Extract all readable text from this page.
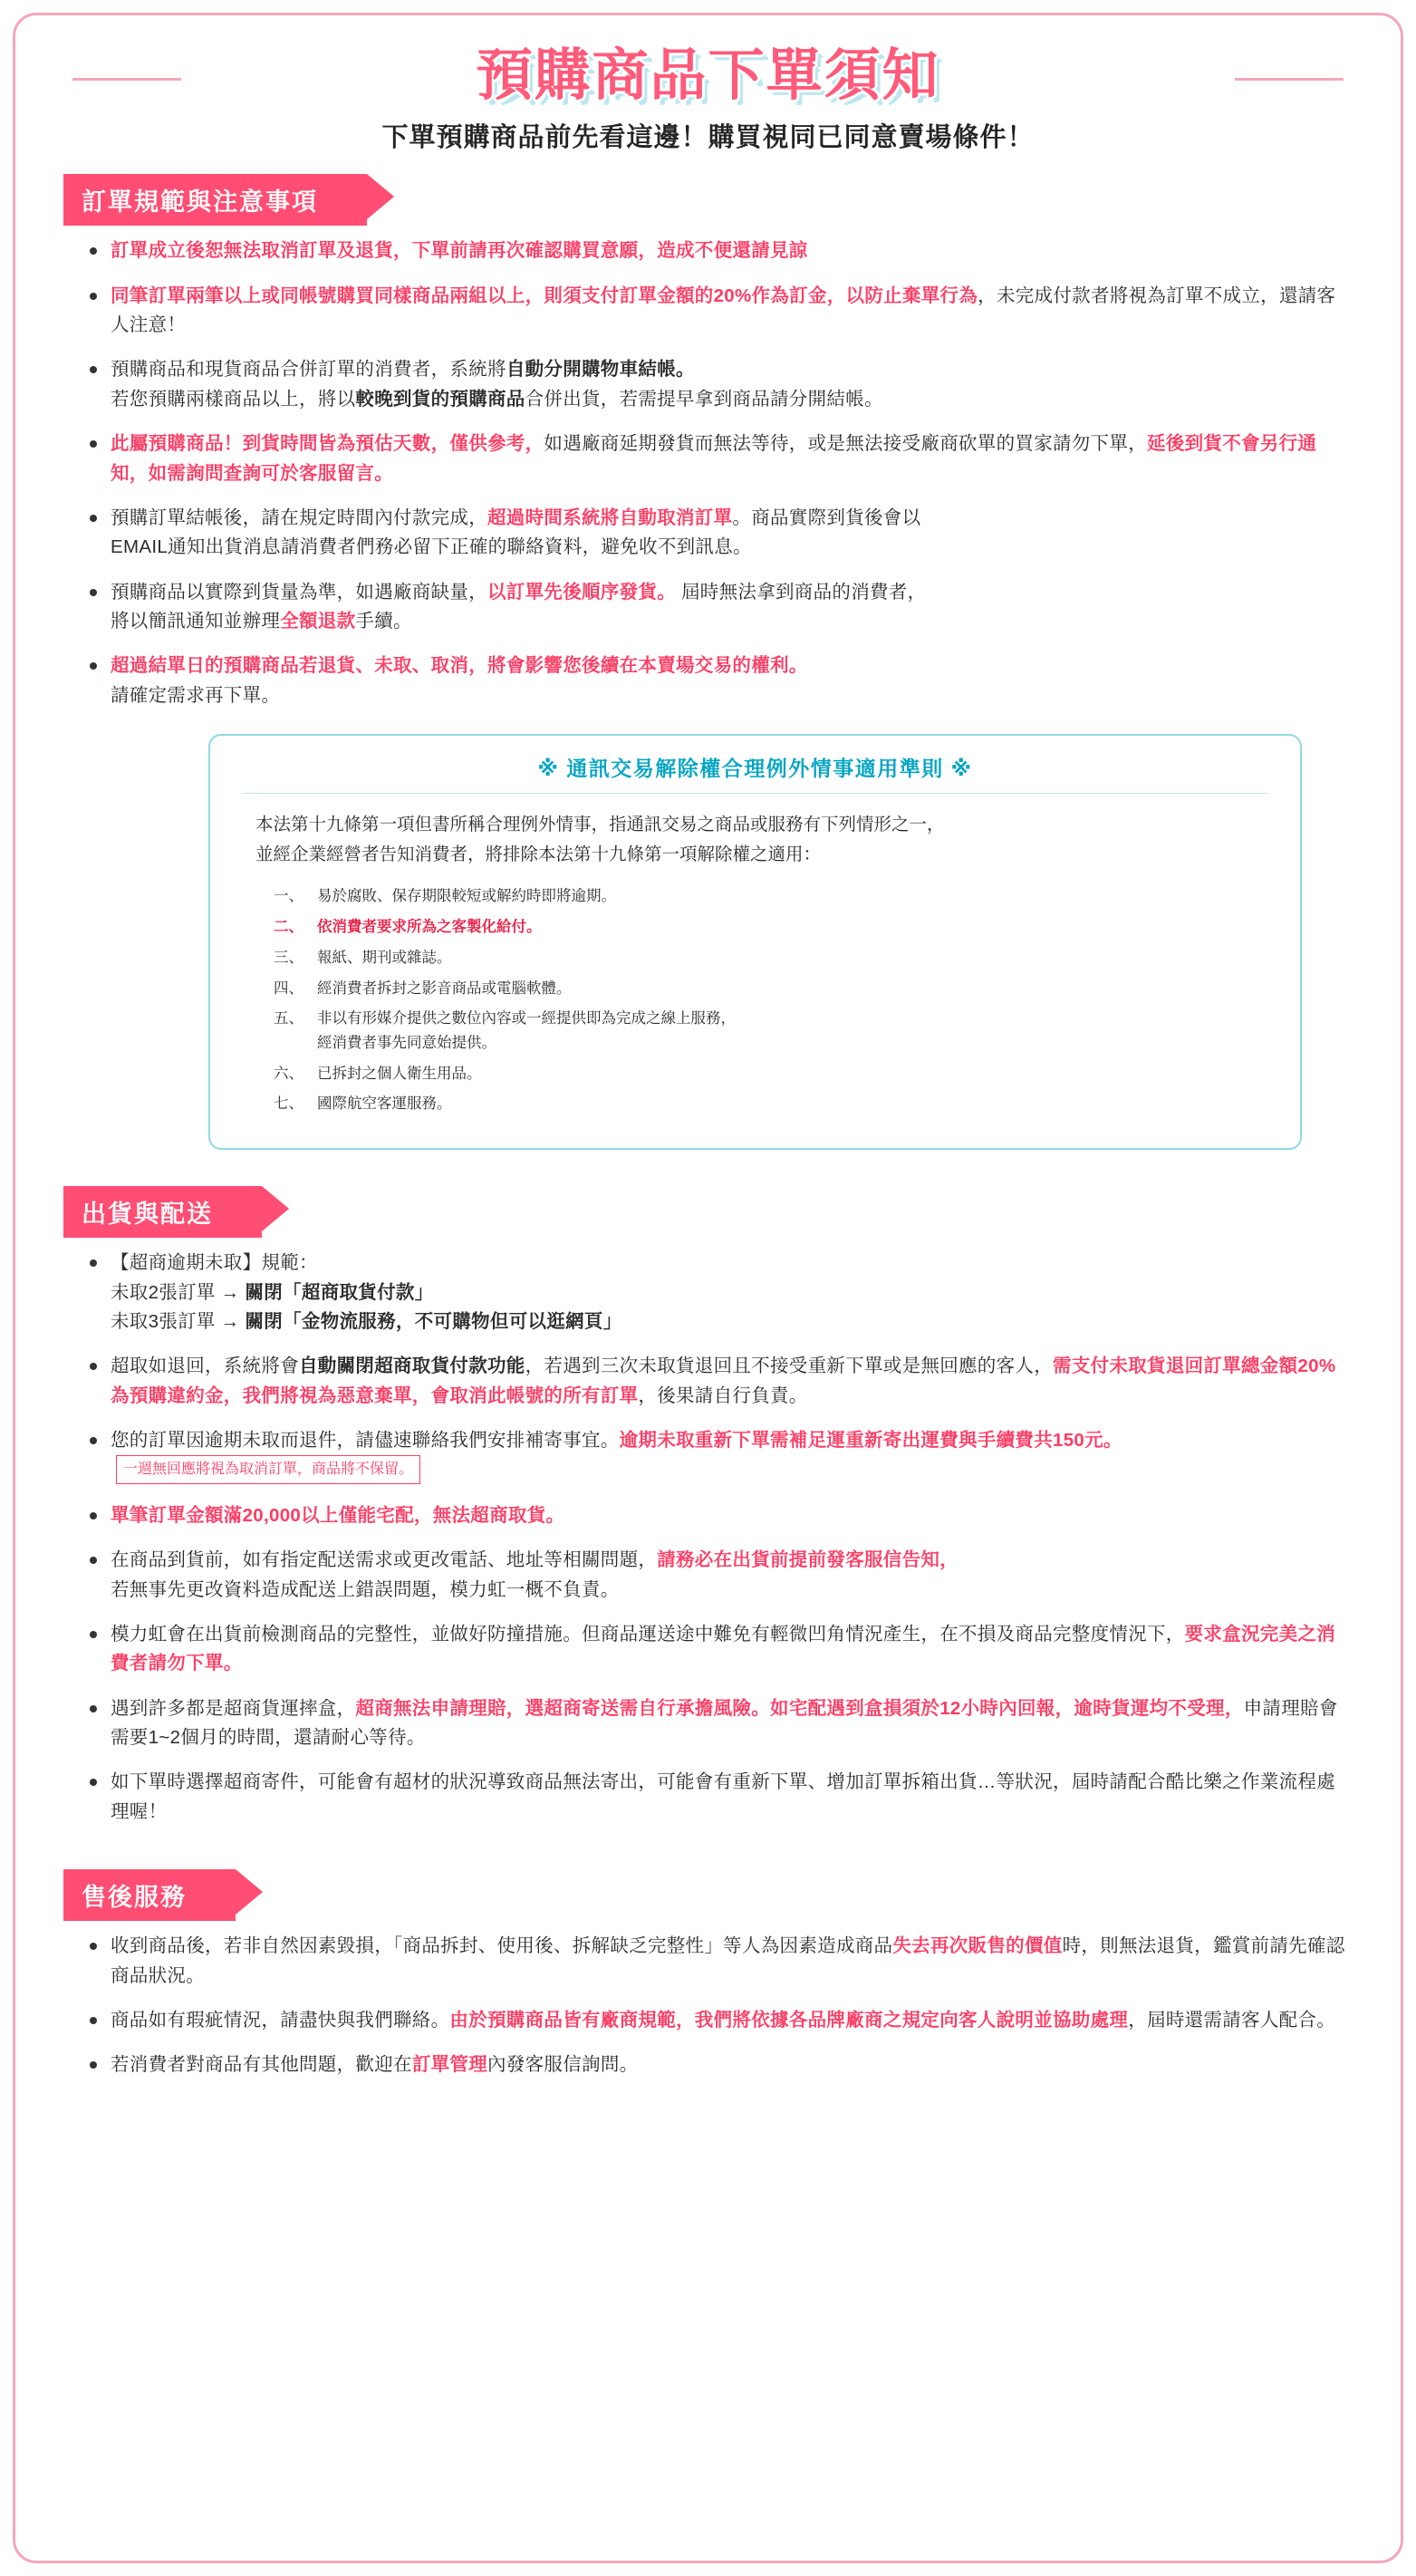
預購商品下單須知
下單預購商品前先看這邊！購買視同已同意賣場條件！
訂單規範與注意事項
訂單成立後恕無法取消訂單及退貨，下單前請再次確認購買意願，造成不便還請見諒
同筆訂單兩筆以上或同帳號購買同樣商品兩組以上，則須支付訂單金額的20%作為訂金，以防止棄單行為，未完成付款者將視為訂單不成立，還請客人注意！
預購商品和現貨商品合併訂單的消費者，系統將自動分開購物車結帳。
若您預購兩樣商品以上，將以較晚到貨的預購商品合併出貨，若需提早拿到商品請分開結帳。
此屬預購商品！到貨時間皆為預估天數，僅供參考，如遇廠商延期發貨而無法等待，或是無法接受廠商砍單的買家請勿下單，延後到貨不會另行通知，如需詢問查詢可於客服留言。
預購訂單結帳後，請在規定時間內付款完成，超過時間系統將自動取消訂單。商品實際到貨後會以
EMAIL通知出貨消息請消費者們務必留下正確的聯絡資料，避免收不到訊息。
預購商品以實際到貨量為準，如遇廠商缺量，以訂單先後順序發貨。 屆時無法拿到商品的消費者，
將以簡訊通知並辦理全額退款手續。
超過結單日的預購商品若退貨、未取、取消，將會影響您後續在本賣場交易的權利。
請確定需求再下單。
※ 通訊交易解除權合理例外情事適用準則 ※
本法第十九條第一項但書所稱合理例外情事，指通訊交易之商品或服務有下列情形之一，
並經企業經營者告知消費者，將排除本法第十九條第一項解除權之適用：
一、 易於腐敗、保存期限較短或解約時即將逾期。
二、 依消費者要求所為之客製化給付。
三、 報紙、期刊或雜誌。
四、 經消費者拆封之影音商品或電腦軟體。
五、 非以有形媒介提供之數位內容或一經提供即為完成之線上服務，

經消費者事先同意始提供。
六、 已拆封之個人衛生用品。
七、 國際航空客運服務。
出貨與配送
【超商逾期未取】規範：
未取2張訂單 → 關閉「超商取貨付款」
未取3張訂單 → 關閉「金物流服務，不可購物但可以逛網頁」
超取如退回，系統將會自動關閉超商取貨付款功能，若遇到三次未取貨退回且不接受重新下單或是無回應的客人，需支付未取貨退回訂單總金額20%為預購違約金，我們將視為惡意棄單，會取消此帳號的所有訂單，後果請自行負責。
您的訂單因逾期未取而退件，請儘速聯絡我們安排補寄事宜。逾期未取重新下單需補足運重新寄出運費與手續費共150元。一週無回應將視為取消訂單，商品將不保留。
單筆訂單金額滿20,000以上僅能宅配，無法超商取貨。
在商品到貨前，如有指定配送需求或更改電話、地址等相關問題，請務必在出貨前提前發客服信告知，
若無事先更改資料造成配送上錯誤問題，模力虹一概不負責。
模力虹會在出貨前檢測商品的完整性，並做好防撞措施。但商品運送途中難免有輕微凹角情況產生，在不損及商品完整度情況下，要求盒況完美之消費者請勿下單。
遇到許多都是超商貨運摔盒，超商無法申請理賠，選超商寄送需自行承擔風險。如宅配遇到盒損須於12小時內回報，逾時貨運均不受理，申請理賠會需要1~2個月的時間，還請耐心等待。
如下單時選擇超商寄件，可能會有超材的狀況導致商品無法寄出，可能會有重新下單、增加訂單拆箱出貨…等狀況，屆時請配合酷比樂之作業流程處理喔！
售後服務
收到商品後，若非自然因素毀損，「商品拆封、使用後、拆解缺乏完整性」等人為因素造成商品失去再次販售的價值時，則無法退貨，鑑賞前請先確認商品狀況。
商品如有瑕疵情況，請盡快與我們聯絡。由於預購商品皆有廠商規範，我們將依據各品牌廠商之規定向客人說明並協助處理，屆時還需請客人配合。
若消費者對商品有其他問題，歡迎在訂單管理內發客服信詢問。
